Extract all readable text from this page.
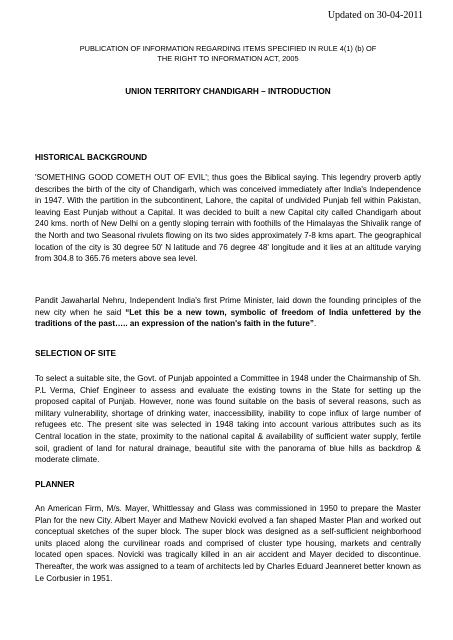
Updated on 30-04-2011
PUBLICATION OF INFORMATION REGARDING ITEMS SPECIFIED IN RULE 4(1) (b) OF
THE RIGHT TO INFORMATION ACT, 2005
UNION TERRITORY CHANDIGARH – INTRODUCTION
HISTORICAL BACKGROUND
'SOMETHING GOOD COMETH OUT OF EVIL'; thus goes the Biblical saying. This legendry proverb aptly describes the birth of the city of Chandigarh, which was conceived immediately after India's Independence in 1947. With the partition in the subcontinent, Lahore, the capital of undivided Punjab fell within Pakistan, leaving East Punjab without a Capital. It was decided to built a new Capital city called Chandigarh about 240 kms. north of New Delhi on a gently sloping terrain with foothills of the Himalayas the Shivalik range of the North and two Seasonal rivulets flowing on its two sides approximately 7-8 kms apart. The geographical location of the city is 30 degree 50' N latitude and 76 degree 48' longitude and it lies at an altitude varying from 304.8 to 365.76 meters above sea level.
Pandit Jawaharlal Nehru, Independent India's first Prime Minister, laid down the founding principles of the new city when he said “Let this be a new town, symbolic of freedom of India unfettered by the traditions of the past….. an expression of the nation's faith in the future”.
SELECTION OF SITE
To select a suitable site, the Govt. of Punjab appointed a Committee in 1948 under the Chairmanship of Sh. P.L Verma, Chief Engineer to assess and evaluate the existing towns in the State for setting up the proposed capital of Punjab. However, none was found suitable on the basis of several reasons, such as military vulnerability, shortage of drinking water, inaccessibility, inability to cope influx of large number of refugees etc. The present site was selected in 1948 taking into account various attributes such as its Central location in the state, proximity to the national capital & availability of sufficient water supply, fertile soil, gradient of land for natural drainage, beautiful site with the panorama of blue hills as backdrop & moderate climate.
PLANNER
An American Firm, M/s. Mayer, Whittlessay and Glass was commissioned in 1950 to prepare the Master Plan for the new City. Albert Mayer and Mathew Novicki evolved a fan shaped Master Plan and worked out conceptual sketches of the super block. The super block was designed as a self-sufficient neighborhood units placed along the curvilinear roads and comprised of cluster type housing, markets and centrally located open spaces. Novicki was tragically killed in an air accident and Mayer decided to discontinue. Thereafter, the work was assigned to a team of architects led by Charles Eduard Jeanneret better known as Le Corbusier in 1951.
